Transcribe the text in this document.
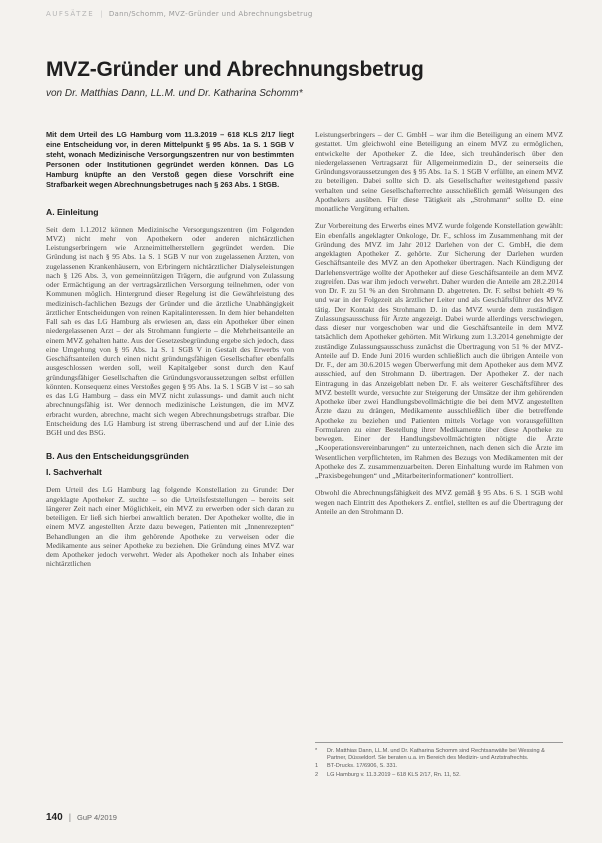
AUFSÄTZE | Dann/Schomm, MVZ-Gründer und Abrechnungsbetrug
MVZ-Gründer und Abrechnungsbetrug
von Dr. Matthias Dann, LL.M. und Dr. Katharina Schomm*

Mit dem Urteil des LG Hamburg vom 11.3.2019 – 618 KLS 2/17 liegt eine Entscheidung vor, in deren Mittelpunkt § 95 Abs. 1a S. 1 SGB V steht, wonach Medizinische Versorgungszentren nur von bestimmten Personen oder Institutionen gegründet werden können. Das LG Hamburg knüpfte an den Verstoß gegen diese Vorschrift eine Strafbarkeit wegen Abrechnungsbetruges nach § 263 Abs. 1 StGB.

A. Einleitung

Seit dem 1.1.2012 können Medizinische Versorgungszentren (im Folgenden MVZ) nicht mehr von Apothekern oder anderen nichtärztlichen Leistungserbringern wie Arzneimittelherstellern gegründet werden. Die Gründung ist nach § 95 Abs. 1a S. 1 SGB V nur von zugelassenen Ärzten, von zugelassenen Krankenhäusern, von Erbringern nichtärztlicher Dialyseleistungen nach § 126 Abs. 3, von gemeinnützigen Trägern, die aufgrund von Zulassung oder Ermächtigung an der vertragsärztlichen Versorgung teilnehmen, oder von Kommunen möglich. Hintergrund dieser Regelung ist die Gewährleistung des medizinisch-fachlichen Bezugs der Gründer und die ärztliche Unabhängigkeit ärztlicher Entscheidungen von reinen Kapitalinteressen. In dem hier behandelten Fall sah es das LG Hamburg als erwiesen an, dass ein Apotheker über einen niedergelassenen Arzt – der als Strohmann fungierte – die Mehrheitsanteile an einem MVZ gehalten hatte. Aus der Gesetzesbegründung ergebe sich jedoch, dass eine Umgehung von § 95 Abs. 1a S. 1 SGB V in Gestalt des Erwerbs von Geschäftsanteilen durch einen nicht gründungsfähigen Gesellschafter ebenfalls ausgeschlossen werden soll, weil Kapitalgeber sonst durch den Kauf gründungsfähiger Gesellschaften die Gründungsvoraussetzungen selbst erfüllen könnten. Konsequenz eines Verstoßes gegen § 95 Abs. 1a S. 1 SGB V ist – so sah es das LG Hamburg – dass ein MVZ nicht zulassungs- und damit auch nicht abrechnungsfähig ist. Wer dennoch medizinische Leistungen, die im MVZ erbracht wurden, abrechne, macht sich wegen Abrechnungsbetrugs strafbar. Die Entscheidung des LG Hamburg ist streng überraschend und auf der Linie des BGH und des BSG.

B. Aus den Entscheidungsgründen
I. Sachverhalt

Dem Urteil des LG Hamburg lag folgende Konstellation zu Grunde: Der angeklagte Apotheker Z. suchte – so die Urteilsfeststellungen – bereits seit längerer Zeit nach einer Möglichkeit, ein MVZ zu erwerben oder sich daran zu beteiligen. Er ließ sich hierbei anwaltlich beraten. Der Apotheker wollte, die in einem MVZ angestellten Ärzte dazu bewegen, Patienten mit „Innenrezepten“ Behandlungen an die ihm gehörende Apotheke zu verweisen oder die Medikamente aus seiner Apotheke zu beziehen. Die Gründung eines MVZ war dem Apotheker jedoch verwehrt. Weder als Apotheker noch als Inhaber eines nichtärztlichen

Leistungserbringers – der C. GmbH – war ihm die Beteiligung an einem MVZ gestattet. Um gleichwohl eine Beteiligung an einem MVZ zu ermöglichen, entwickelte der Apotheker Z. die Idee, sich treuhänderisch über den niedergelassenen Vertragsarzt für Allgemeinmedizin D., der seinerseits die Gründungsvoraussetzungen des § 95 Abs. 1a S. 1 SGB V erfüllte, an einem MVZ zu beteiligen. Dabei sollte sich D. als Gesellschafter weitestgehend passiv verhalten und seine Gesellschafterrechte ausschließlich gemäß Weisungen des Apothekers ausüben. Für diese Tätigkeit als „Strohmann“ sollte D. eine monatliche Vergütung erhalten.

Zur Vorbereitung des Erwerbs eines MVZ wurde folgende Konstellation gewählt: Ein ebenfalls angeklagter Onkologe, Dr. F., schloss im Zusammenhang mit der Gründung des MVZ im Jahr 2012 Darlehen von der C. GmbH, die dem angeklagten Apotheker Z. gehörte. Zur Sicherung der Darlehen wurden Geschäftsanteile des MVZ an den Apotheker übertragen. Nach Kündigung der Darlehensverträge wollte der Apotheker auf diese Geschäftsanteile an dem MVZ zugreifen. Das war ihm jedoch verwehrt. Daher wurden die Anteile am 28.2.2014 von Dr. F. zu 51 % an den Strohmann D. abgetreten. Dr. F. selbst behielt 49 % und war in der Folgezeit als ärztlicher Leiter und als Geschäftsführer des MVZ tätig. Der Kontakt des Strohmann D. in das MVZ wurde dem zuständigen Zulassungsausschuss für Ärzte angezeigt. Dabei wurde allerdings verschwiegen, dass dieser nur vorgeschoben war und die Geschäftsanteile in dem MVZ tatsächlich dem Apotheker gehörten. Mit Wirkung zum 1.3.2014 genehmigte der zuständige Zulassungsausschuss zunächst die Übertragung von 51 % der MVZ-Anteile auf D. Ende Juni 2016 wurden schließlich auch die übrigen Anteile von Dr. F., der am 30.6.2015 wegen Überwerfung mit dem Apotheker aus dem MVZ ausschied, auf den Strohmann D. übertragen. Der Apotheker Z. der nach Eintragung in das Anzeigeblatt neben Dr. F. als weiterer Geschäftsführer des MVZ bestellt wurde, versuchte zur Steigerung der Umsätze der ihm gehörenden Apotheke über zwei Handlungsbevollmächtigte die bei dem MVZ angestellten Ärzte dazu zu drängen, Medikamente ausschließlich über die betreffende Apotheke zu beziehen und Patienten mittels Vorlage von vorausgefüllten Formularen zu einer Bestellung ihrer Medikamente über diese Apotheke zu bewegen. Einer der Handlungsbevollmächtigten nötigte die Ärzte „Kooperationsvereinbarungen“ zu unterzeichnen, nach denen sich die Ärzte im Wesentlichen verpflichteten, im Rahmen des Bezugs von Medikamenten mit der Apotheke des Z. zusammenzuarbeiten. Deren Einhaltung wurde im Rahmen von „Praxisbegehungen“ und „Mitarbeiterinformationen“ kontrolliert.

Obwohl die Abrechnungsfähigkeit des MVZ gemäß § 95 Abs. 6 S. 1 SGB wohl wegen nach Eintritt des Apothekers Z. entfiel, stellten es auf die Übertragung der Anteile an den Strohmann D.

*	Dr. Matthias Dann, LL.M. und Dr. Katharina Schomm sind Rechtsanwälte bei Wessing & Partner, Düsseldorf. Sie beraten u.a. im Bereich des Medizin- und Arztstrafrechts.
1	BT-Drucks. 17/6906, S. 331.
2	LG Hamburg v. 11.3.2019 – 618 KLS 2/17, Rn. 11, 52.
140 | GuP 4/2019
